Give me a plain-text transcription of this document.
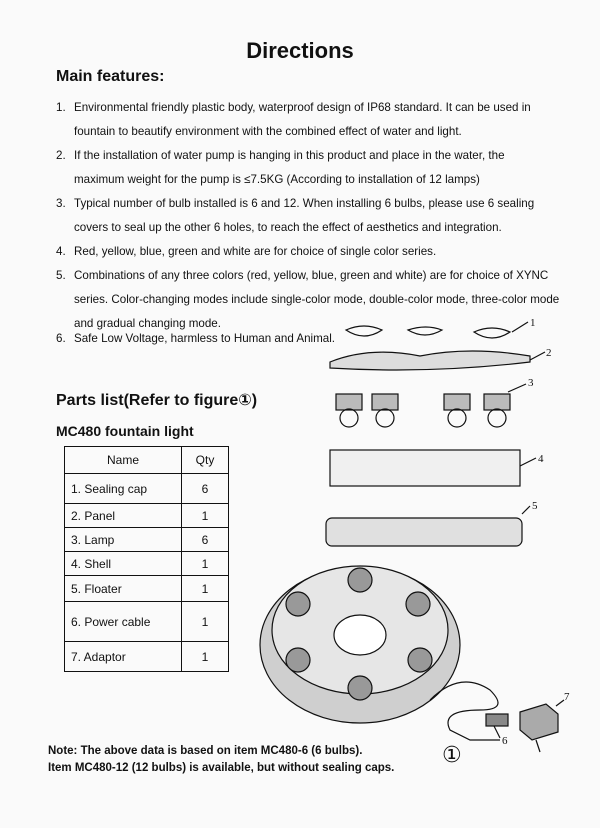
Directions
Main features:
1. Environmental friendly plastic body, waterproof design of IP68 standard. It can be used in fountain to beautify environment with the combined effect of water and light.
2. If the installation of water pump is hanging in this product and place in the water, the maximum weight for the pump is ≤7.5KG (According to installation of 12 lamps)
3. Typical number of bulb installed is 6 and 12. When installing 6 bulbs, please use 6 sealing covers to seal up the other 6 holes, to reach the effect of aesthetics and integration.
4. Red, yellow, blue, green and white are for choice of single color series.
5. Combinations of any three colors (red, yellow, blue, green and white) are for choice of XYNC series. Color-changing modes include single-color mode, double-color mode, three-color mode and gradual changing mode.
6. Safe Low Voltage, harmless to Human and Animal.
Parts list(Refer to figure①)
MC480 fountain light
Name	Qty
1. Sealing cap	6
2. Panel	1
3. Lamp	6
4. Shell	1
5. Floater	1
6. Power cable	1
7. Adaptor	1
Note: The above data is based on item MC480-6 (6 bulbs).
Item MC480-12 (12 bulbs) is available, but without sealing caps.
1
2
3
4
5
6
7
①
